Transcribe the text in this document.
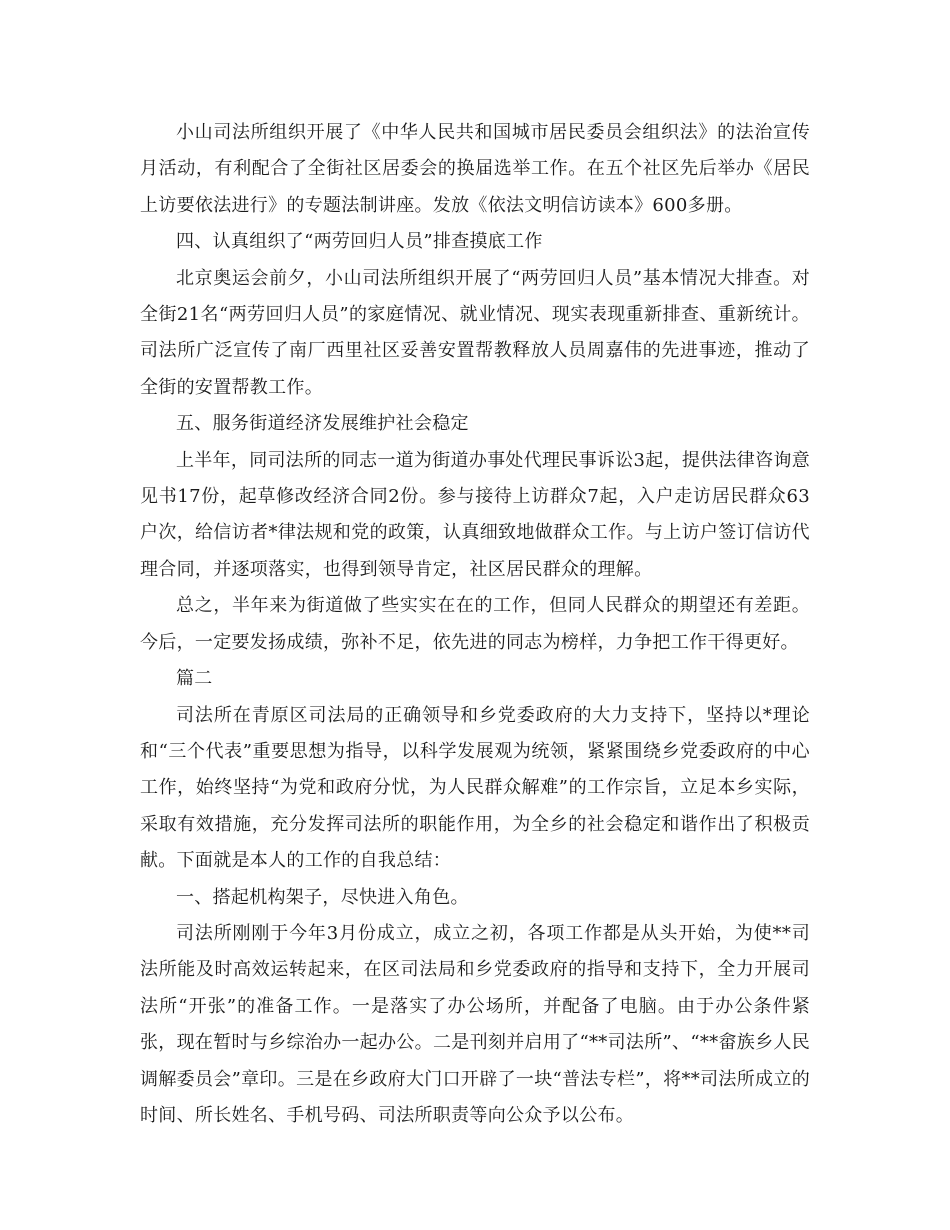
小山司法所组织开展了《中华人民共和国城市居民委员会组织法》的法治宣传月活动，有利配合了全街社区居委会的换届选举工作。在五个社区先后举办《居民上访要依法进行》的专题法制讲座。发放《依法文明信访读本》600多册。

四、认真组织了“两劳回归人员”排查摸底工作

北京奥运会前夕，小山司法所组织开展了“两劳回归人员”基本情况大排查。对全街21名“两劳回归人员”的家庭情况、就业情况、现实表现重新排查、重新统计。司法所广泛宣传了南厂西里社区妥善安置帮教释放人员周嘉伟的先进事迹，推动了全街的安置帮教工作。

五、服务街道经济发展维护社会稳定

上半年，同司法所的同志一道为街道办事处代理民事诉讼3起，提供法律咨询意见书17份，起草修改经济合同2份。参与接待上访群众7起，入户走访居民群众63户次，给信访者*律法规和党的政策，认真细致地做群众工作。与上访户签订信访代理合同，并逐项落实，也得到领导肯定，社区居民群众的理解。

总之，半年来为街道做了些实实在在的工作，但同人民群众的期望还有差距。今后，一定要发扬成绩，弥补不足，依先进的同志为榜样，力争把工作干得更好。

篇二

司法所在青原区司法局的正确领导和乡党委政府的大力支持下，坚持以*理论和“三个代表”重要思想为指导，以科学发展观为统领，紧紧围绕乡党委政府的中心工作，始终坚持“为党和政府分忧，为人民群众解难”的工作宗旨，立足本乡实际，采取有效措施，充分发挥司法所的职能作用，为全乡的社会稳定和谐作出了积极贡献。下面就是本人的工作的自我总结：

一、搭起机构架子，尽快进入角色。

司法所刚刚于今年3月份成立，成立之初，各项工作都是从头开始，为使**司法所能及时高效运转起来，在区司法局和乡党委政府的指导和支持下，全力开展司法所“开张”的准备工作。一是落实了办公场所，并配备了电脑。由于办公条件紧张，现在暂时与乡综治办一起办公。二是刊刻并启用了“**司法所”、“**畲族乡人民调解委员会”章印。三是在乡政府大门口开辟了一块“普法专栏”，将**司法所成立的时间、所长姓名、手机号码、司法所职责等向公众予以公布。
